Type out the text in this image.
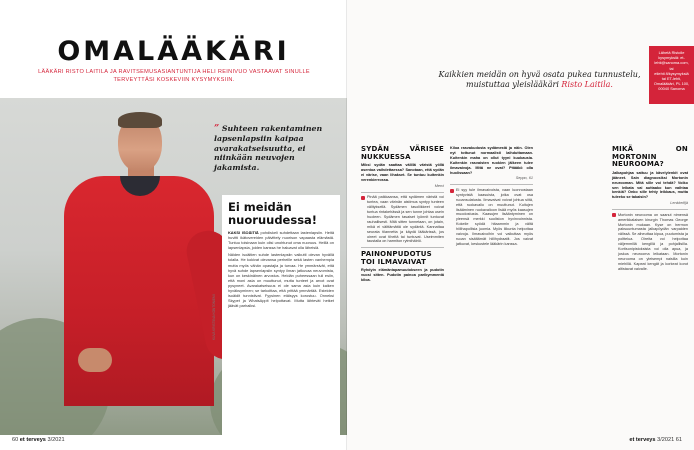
OMALÄÄKÄRI
LÄÄKÄRI RISTO LAITILA JA RAVITSEMUSASIANTUNTIJA HELI REINIVUO VASTAAVAT SINULLE TERVEYTTÄSI KOSKEVIIN KYSYMYKSIIN.
” Suhteen rakentaminen lapsenlapsiin kaipaa avarakatseisuutta, ei niinkään neuvojen jakamista.
Ei meidän nuoruudessa!
KAKSI ISOÄITIÄ pohdiskeli suhdettaan lastenlapsiin. Heitä huvitti ikätovereiden päivittely nuorison vapaasta elämästä. Tuntuu toisinaan kuin olisi unohtunut oma nuoruus. Heillä on lapsenlapsia, joiden kanssa he haluavat olla läheisiä.
Näiden isoäitien suhde lastenlapsiin vaikutti olevan hyvällä tolalla. He kokivat olevansa perheille sekä lasten vanhempia mutta myös vähän opastajia ja turvaa. He ymmärsivät, että hyvä suhde lapsenlapsiin syntyy ilman jatkuvaa neuvomista, kun on keskinäinen arvostus. Heidän puheessaan tuli esiin, että moni asia on muuttunut, mutta tunteet ja arvot ovat pysyneet. Avarakatseisuus ei ole sama asia kuin kaiken hyväksyminen; se tarkoittaa, että yrittää ymmärtää. Esteiden isoäidit tunnistivat. Fyysinen etäisyys korostuu. Onneksi Skypet ja WhatsAppit helpottavat. Mutta lähtevät hetket jäävät parhaiksi.
KUVA KRISTIINA KONTONIEMI
60 et terveys 3/2021
Lähetä Ristolle kysymyksiä: et-lehti@sanoma.com, tai etlehti.fi/kysymyksiä tai ET-lehti, Omalääkäri, PL 100, 00040 Sanoma
Kaikkien meidän on hyvä osata pukea tunnustelu, muistuttaa yleislääkäri Risto Laitila.
SYDÄN VÄRISEE NUKKUESSA

Miksi sydän saattaa välillä väristä yöllä asentoa vaihdettaessa? Sanotaan, että sydän ei värise, vaan lihakset. Se tuntuu kuitenkin verenkierrossa.

Mervi

Pinää paikkaansa, että sydämen väristä voi tuntea, vaan värinän aistimus syntyy tunteen välityksellä. Sydämen tasoliikkeet voivat tuntua rintakehässä ja sen tunne johtaa usein huoleen. Sydämen tasaiset lyönnit tuntuvat rauhallisesti. Mitä sitten tunnetaan, on jotain, mikä ei välttämättä ole sydäntä. Kannattaa seurata tilannetta ja käydä lääkärissä, jos oireet ovat tiheitä tai tuntuvat. Useimmiten taustalla on harmiton rytmihäiriö.

PAINONPUDOTUS TOI ILMAVAIVAT

Ryhdyin elämäntapamuutokseen ja pudotin vuosi sitten. Pudotin painoa parikymmentä kiloa.

Kiloa rasvakudosta sydämestä ja näin. Olen nyt tottunut normaalisti laihduttamaan. Kuitenkin maha on ollut tyyni kuukausia. Kuitenkin rasvaisten ruokien jälkeen tulee ilmavaivoja. Mitä ne ovat? Pitääkö olla huolissaan?

Seppo, 61

Ei syy tule ilmavaivoista, vaan luonnostaan syntyvistä kaasuista, jotka ovat osa ruoansulatusta. Ilmavaivat voivat johtua siitä, että ruokavalio on muuttunut. Kuitujen lisääminen ruokavalioon lisää myös kaasujen muodostusta. Kaasujen lisääntyminen on yleensä merkki suoliston hyvinvoinnista. Kokeile syödä hitaammin ja vältä hiilihapollisia juomia. Myös liikunta helpottaa vaivoja. Ilmavaivoihin voi vaikuttaa myös ruoan sisältämät hiilihydraatit. Jos vaivat jatkuvat, keskustele lääkärin kanssa.

MIKÄ ON MORTONIN NEUROOMA?

Jalkapohjaa sattuu ja kävelylenkit ovat jääneet. Sain diagnoosiksi Mortonin neurooman. Mitä sille voi tehdä? Voiko sen leikata vai auttaako kun vaihtaa kenkiä? Onko sille tehty leikkaus, mutta tuleeko se takaisin?

Lenkkeilijä

Mortonin neurooma on saanut nimensä amerikkalaisen kirurgin Thomas George Mortonin mukaan. Kyse on hermon paksuuntumasta jalkapöydän varpaiden välissä. Se aiheuttaa kipua, puutumista ja polttelua. Oireita voi helpottaa väljemmillä kengillä ja pohjallisilla. Kortisonipistoksista voi olla apua, ja joskus neurooma leikataan. Mortonin neurooma on yleisempi naisilla kuin miehillä. Kapeat kengät ja korkeat korot altistavat vaivalle.

et terveys 3/2021 61
